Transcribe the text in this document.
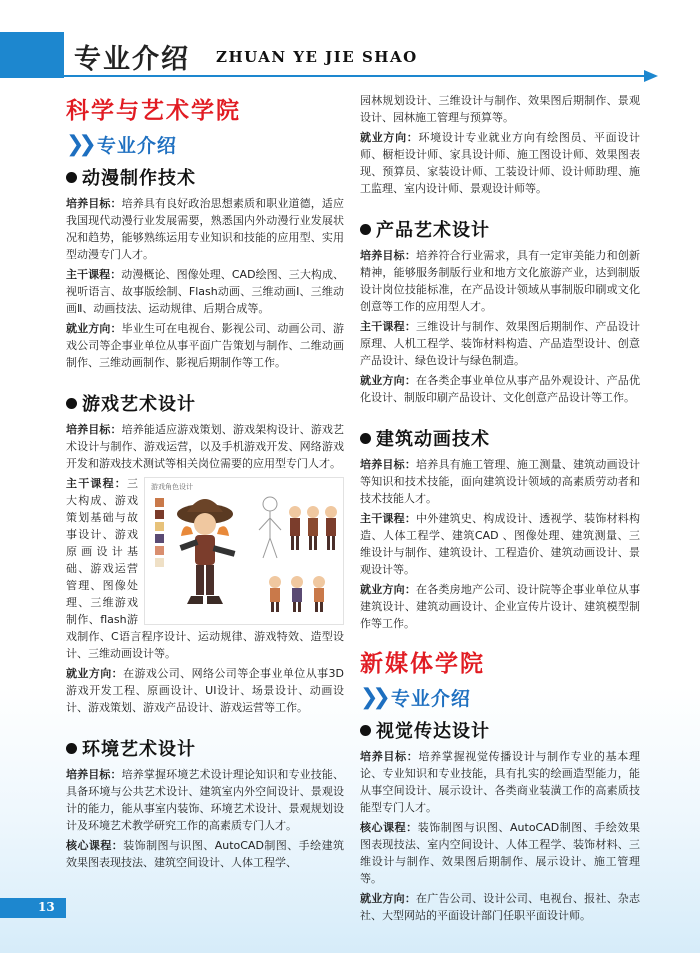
专业介绍 ZHUAN YE JIE SHAO
科学与艺术学院
❯❯ 专业介绍
动漫制作技术

培养目标：培养具有良好政治思想素质和职业道德，适应我国现代动漫行业发展需要，熟悉国内外动漫行业发展状况和趋势，能够熟练运用专业知识和技能的应用型、实用型动漫专门人才。

主干课程：动漫概论、图像处理、CAD绘图、三大构成、视听语言、故事版绘制、Flash动画、三维动画Ⅰ、三维动画Ⅱ、动画技法、运动规律、后期合成等。

就业方向：毕业生可在电视台、影视公司、动画公司、游戏公司等企事业单位从事平面广告策划与制作、二维动画制作、三维动画制作、影视后期制作等工作。

游戏艺术设计

培养目标：培养能适应游戏策划、游戏架构设计、游戏艺术设计与制作、游戏运营，以及手机游戏开发、网络游戏开发和游戏技术测试等相关岗位需要的应用型专门人才。

游戏角色设计

主干课程：三大构成、游戏策划基础与故事设计、游戏原画设计基础、游戏运营管理、图像处理、三维游戏制作、flash游戏制作、C语言程序设计、运动规律、游戏特效、造型设计、三维动画设计等。

就业方向：在游戏公司、网络公司等企事业单位从事3D游戏开发工程、原画设计、UI设计、场景设计、动画设计、游戏策划、游戏产品设计、游戏运营等工作。

环境艺术设计

培养目标：培养掌握环境艺术设计理论知识和专业技能、具备环境与公共艺术设计、建筑室内外空间设计、景观设计的能力，能从事室内装饰、环境艺术设计、景观规划设计及环境艺术教学研究工作的高素质专门人才。

核心课程：装饰制图与识图、AutoCAD制图、手绘建筑效果图表现技法、建筑空间设计、人体工程学、

园林规划设计、三维设计与制作、效果图后期制作、景观设计、园林施工管理与预算等。

就业方向：环境设计专业就业方向有绘图员、平面设计师、橱柜设计师、家具设计师、施工图设计师、效果图表现、预算员、家装设计师、工装设计师、设计师助理、施工监理、室内设计师、景观设计师等。

产品艺术设计

培养目标：培养符合行业需求，具有一定审美能力和创新精神，能够服务制版行业和地方文化旅游产业，达到制版设计岗位技能标准，在产品设计领域从事制版印刷或文化创意等工作的应用型人才。

主干课程：三维设计与制作、效果图后期制作、产品设计原理、人机工程学、装饰材料构造、产品造型设计、创意产品设计、绿色设计与绿色制造。

就业方向：在各类企事业单位从事产品外观设计、产品优化设计、制版印刷产品设计、文化创意产品设计等工作。

建筑动画技术

培养目标：培养具有施工管理、施工测量、建筑动画设计等知识和技术技能，面向建筑设计领域的高素质劳动者和技术技能人才。

主干课程：中外建筑史、构成设计、透视学、装饰材料构造、人体工程学、建筑CAD 、图像处理、建筑测量、三维设计与制作、建筑设计、工程造价、建筑动画设计、景观设计等。

就业方向：在各类房地产公司、设计院等企事业单位从事建筑设计、建筑动画设计、企业宣传片设计、建筑模型制作等工作。

新媒体学院
❯❯ 专业介绍
视觉传达设计

培养目标：培养掌握视觉传播设计与制作专业的基本理论、专业知识和专业技能，具有扎实的绘画造型能力，能从事空间设计、展示设计、各类商业装潢工作的高素质技能型专门人才。

核心课程：装饰制图与识图、AutoCAD制图、手绘效果图表现技法、室内空间设计、人体工程学、装饰材料、三维设计与制作、效果图后期制作、展示设计、施工管理等。

就业方向：在广告公司、设计公司、电视台、报社、杂志社、大型网站的平面设计部门任职平面设计师。

13
